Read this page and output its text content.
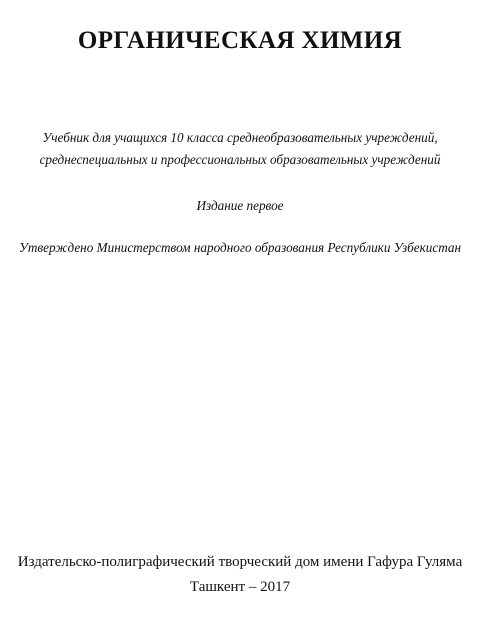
ОРГАНИЧЕСКАЯ ХИМИЯ
Учебник для учащихся 10 класса среднеобразовательных учреждений,
среднеспециальных и профессиональных образовательных учреждений
Издание первое
Утверждено Министерством народного образования Республики Узбекистан
Издательско-полиграфический творческий дом имени Гафура Гуляма
Ташкент – 2017
